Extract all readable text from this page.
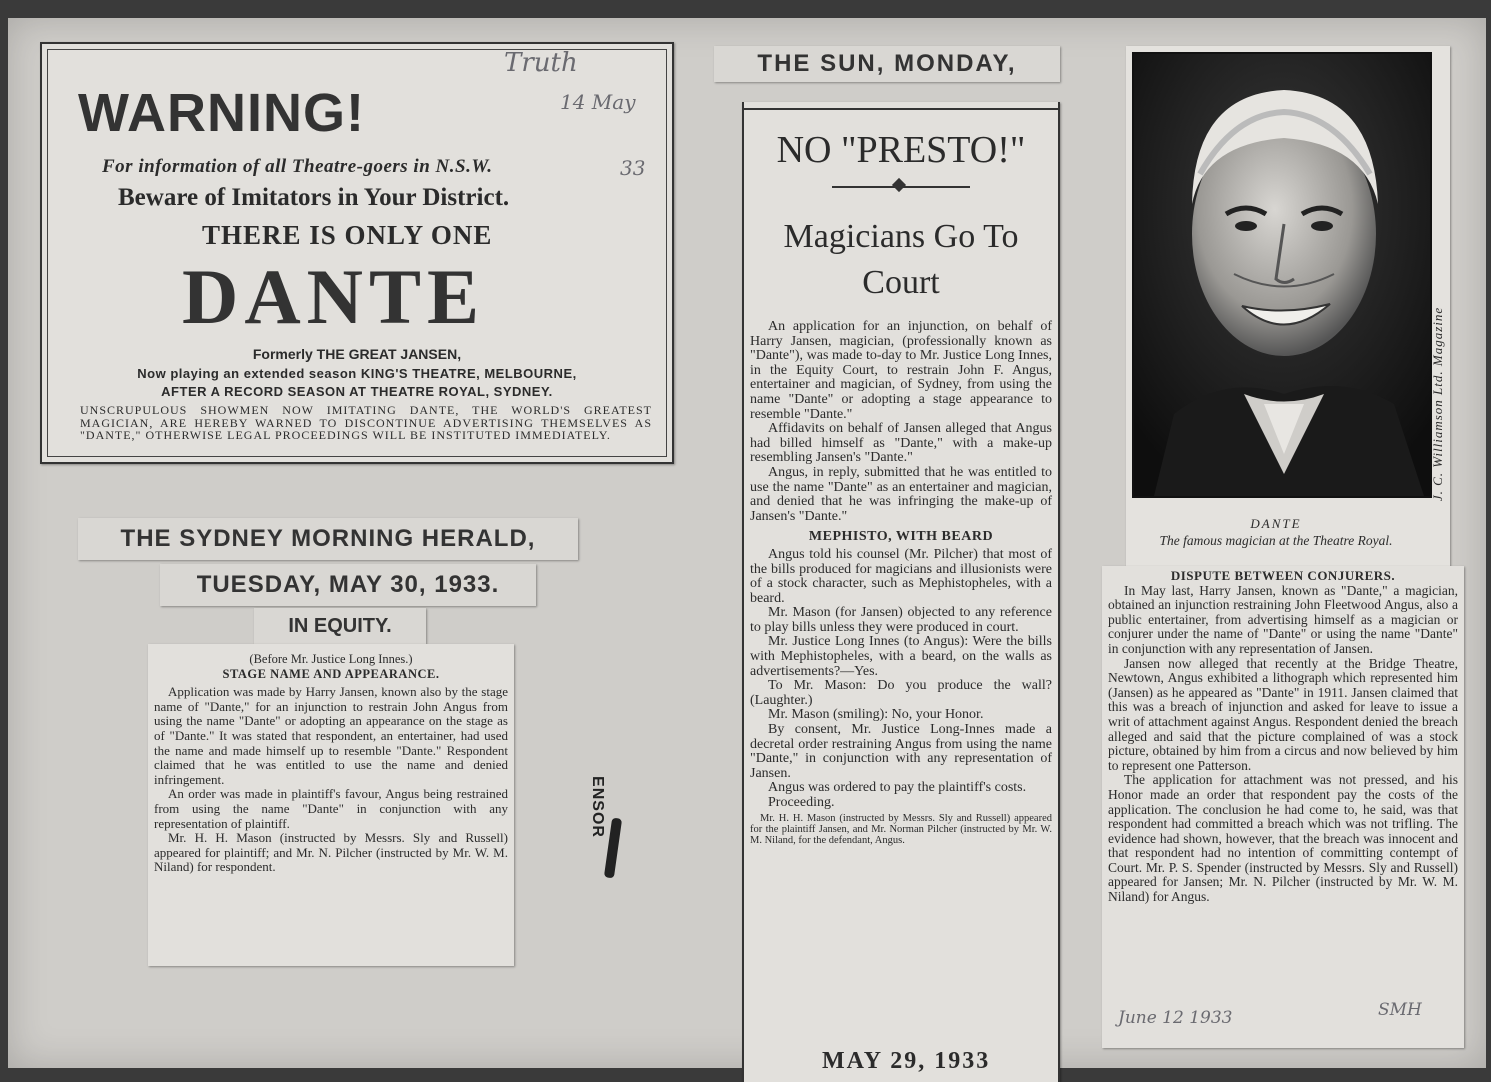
WARNING!
For information of all Theatre-goers in N.S.W.
Beware of Imitators in Your District.
THERE IS ONLY ONE
DANTE
Formerly THE GREAT JANSEN,
Now playing an extended season KING'S THEATRE, MELBOURNE,
AFTER A RECORD SEASON AT THEATRE ROYAL, SYDNEY.
UNSCRUPULOUS SHOWMEN NOW IMITATING DANTE, THE WORLD'S GREATEST MAGICIAN, ARE HEREBY WARNED TO DISCONTINUE ADVERTISING THEMSELVES AS "DANTE," OTHERWISE LEGAL PROCEEDINGS WILL BE INSTITUTED IMMEDIATELY.
Truth
14 May
33
THE SYDNEY MORNING HERALD,
TUESDAY, MAY 30, 1933.
IN EQUITY.

(Before Mr. Justice Long Innes.)

STAGE NAME AND APPEARANCE.

Application was made by Harry Jansen, known also by the stage name of "Dante," for an injunction to restrain John Angus from using the name "Dante" or adopting an appearance on the stage as of "Dante." It was stated that respondent, an entertainer, had used the name and made himself up to resemble "Dante." Respondent claimed that he was entitled to use the name and denied infringement.

An order was made in plaintiff's favour, Angus being restrained from using the name "Dante" in conjunction with any representation of plaintiff.

Mr. H. H. Mason (instructed by Messrs. Sly and Russell) appeared for plaintiff; and Mr. N. Pilcher (instructed by Mr. W. M. Niland) for respondent.

ENSOR
THE SUN, MONDAY,
NO "PRESTO!"
Magicians Go To Court

An application for an injunction, on behalf of Harry Jansen, magician, (professionally known as "Dante"), was made to-day to Mr. Justice Long Innes, in the Equity Court, to restrain John F. Angus, entertainer and magician, of Sydney, from using the name "Dante" or adopting a stage appearance to resemble "Dante."

Affidavits on behalf of Jansen alleged that Angus had billed himself as "Dante," with a make-up resembling Jansen's "Dante."

Angus, in reply, submitted that he was entitled to use the name "Dante" as an entertainer and magician, and denied that he was infringing the make-up of Jansen's "Dante."

MEPHISTO, WITH BEARD

Angus told his counsel (Mr. Pilcher) that most of the bills produced for magicians and illusionists were of a stock character, such as Mephistopheles, with a beard.

Mr. Mason (for Jansen) objected to any reference to play bills unless they were produced in court.

Mr. Justice Long Innes (to Angus): Were the bills with Mephistopheles, with a beard, on the walls as advertisements?—Yes.

To Mr. Mason: Do you produce the wall? (Laughter.)

Mr. Mason (smiling): No, your Honor.

By consent, Mr. Justice Long-Innes made a decretal order restraining Angus from using the name "Dante," in conjunction with any representation of Jansen.

Angus was ordered to pay the plaintiff's costs.

Proceeding.

Mr. H. H. Mason (instructed by Messrs. Sly and Russell) appeared for the plaintiff Jansen, and Mr. Norman Pilcher (instructed by Mr. W. M. Niland, for the defendant, Angus.

MAY 29, 1933
J. C. Williamson Ltd. Magazine
DANTE
The famous magician at the Theatre Royal.

DISPUTE BETWEEN CONJURERS.

In May last, Harry Jansen, known as "Dante," a magician, obtained an injunction restraining John Fleetwood Angus, also a public entertainer, from advertising himself as a magician or conjurer under the name of "Dante" or using the name "Dante" in conjunction with any representation of Jansen.

Jansen now alleged that recently at the Bridge Theatre, Newtown, Angus exhibited a lithograph which represented him (Jansen) as he appeared as "Dante" in 1911. Jansen claimed that this was a breach of injunction and asked for leave to issue a writ of attachment against Angus. Respondent denied the breach alleged and said that the picture complained of was a stock picture, obtained by him from a circus and now believed by him to represent one Patterson.

The application for attachment was not pressed, and his Honor made an order that respondent pay the costs of the application. The conclusion he had come to, he said, was that respondent had committed a breach which was not trifling. The evidence had shown, however, that the breach was innocent and that respondent had no intention of committing contempt of Court. Mr. P. S. Spender (instructed by Messrs. Sly and Russell) appeared for Jansen; Mr. N. Pilcher (instructed by Mr. W. M. Niland) for Angus.

June 12 1933	SMH
